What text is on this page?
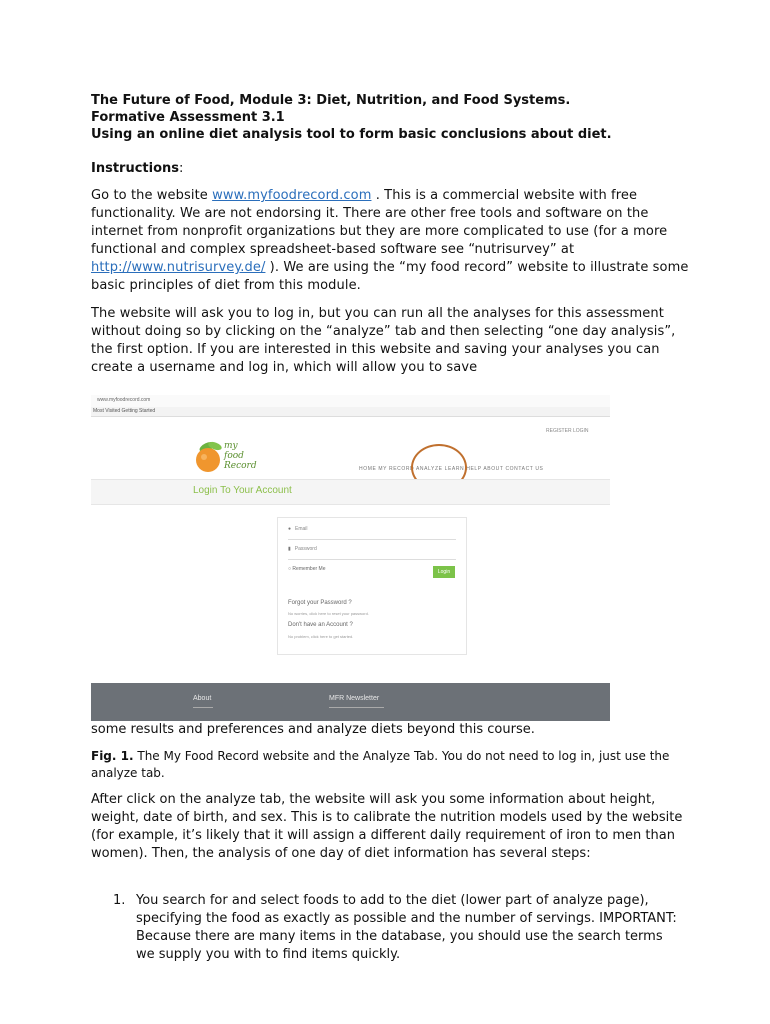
The Future of Food, Module 3: Diet, Nutrition, and Food Systems.

Formative Assessment 3.1

Using an online diet analysis tool to form basic conclusions about diet.

Instructions:

Go to the website www.myfoodrecord.com . This is a commercial website with free functionality. We are not endorsing it. There are other free tools and software on the internet from nonprofit organizations but they are more complicated to use (for a more functional and complex spreadsheet-based software see “nutrisurvey” at http://www.nutrisurvey.de/ ). We are using the “my food record” website to illustrate some basic principles of diet from this module.

The website will ask you to log in, but you can run all the analyses for this assessment without doing so by clicking on the “analyze” tab and then selecting “one day analysis”, the first option. If you are interested in this website and saving your analyses you can create a username and log in, which will allow you to save

www.myfoodrecord.com
Most Visited Getting Started
REGISTER LOGIN
my
food
Record	HOME MY RECORD ANALYZE LEARN HELP ABOUT CONTACT US
Login To Your Account
● Email
▮ Password
○ Remember Me	Login
Forgot your Password ?
No worries, click here to reset your password.
Don't have an Account ?
No problem, click here to get started.
About	MFR Newsletter

some results and preferences and analyze diets beyond this course.

Fig. 1. The My Food Record website and the Analyze Tab. You do not need to log in, just use the analyze tab.

After click on the analyze tab, the website will ask you some information about height, weight, date of birth, and sex. This is to calibrate the nutrition models used by the website (for example, it’s likely that it will assign a different daily requirement of iron to men than women). Then, the analysis of one day of diet information has several steps:

1. You search for and select foods to add to the diet (lower part of analyze page), specifying the food as exactly as possible and the number of servings. IMPORTANT: Because there are many items in the database, you should use the search terms we supply you with to find items quickly.
